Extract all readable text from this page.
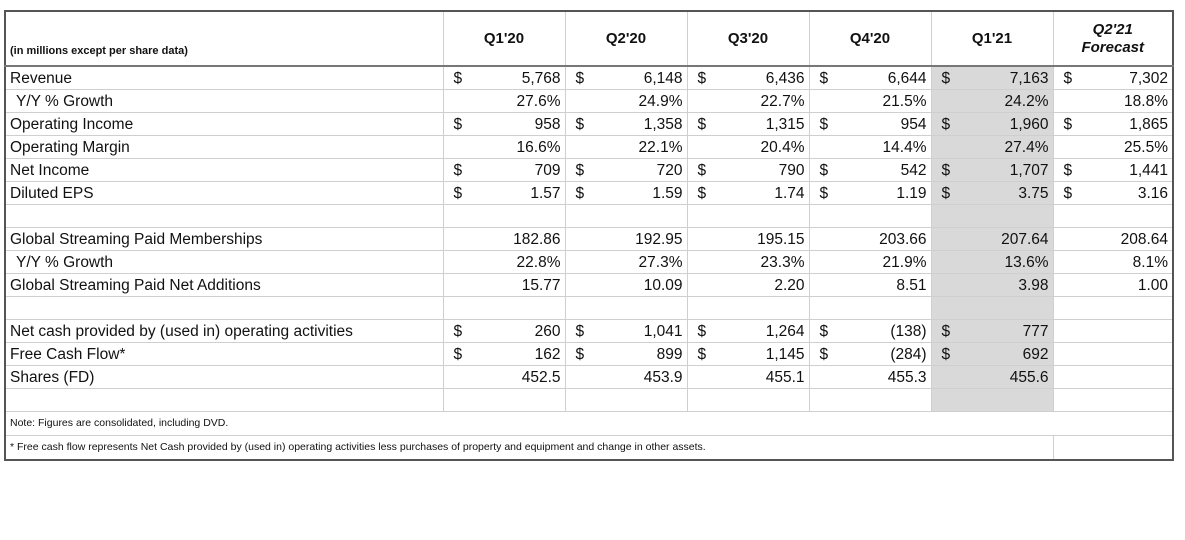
(in millions except per share data)	Q1'20		Q2'20		Q3'20		Q4'20		Q1'21		Q2'21
Forecast	
Revenue	$	5,768	$	6,148	$	6,436	$	6,644	$	7,163	$	7,302
Y/Y % Growth	27.6%		24.9%		22.7%		21.5%		24.2%		18.8%	
Operating Income	$	958	$	1,358	$	1,315	$	954	$	1,960	$	1,865
Operating Margin	16.6%		22.1%		20.4%		14.4%		27.4%		25.5%	
Net Income	$	709	$	720	$	790	$	542	$	1,707	$	1,441
Diluted EPS	$	1.57	$	1.59	$	1.74	$	1.19	$	3.75	$	3.16

Global Streaming Paid Memberships	182.86		192.95		195.15		203.66		207.64		208.64	
Y/Y % Growth	22.8%		27.3%		23.3%		21.9%		13.6%		8.1%	
Global Streaming Paid Net Additions	15.77		10.09		2.20		8.51		3.98		1.00	

Net cash provided by (used in) operating activities	$	260	$	1,041	$	1,264	$	(138)	$	777		
Free Cash Flow*	$	162	$	899	$	1,145	$	(284)	$	692		
Shares (FD)	452.5		453.9		455.1		455.3		455.6			

Note: Figures are consolidated, including DVD.												
* Free cash flow represents Net Cash provided by (used in) operating activities less purchases of property and equipment and change in other assets.												
